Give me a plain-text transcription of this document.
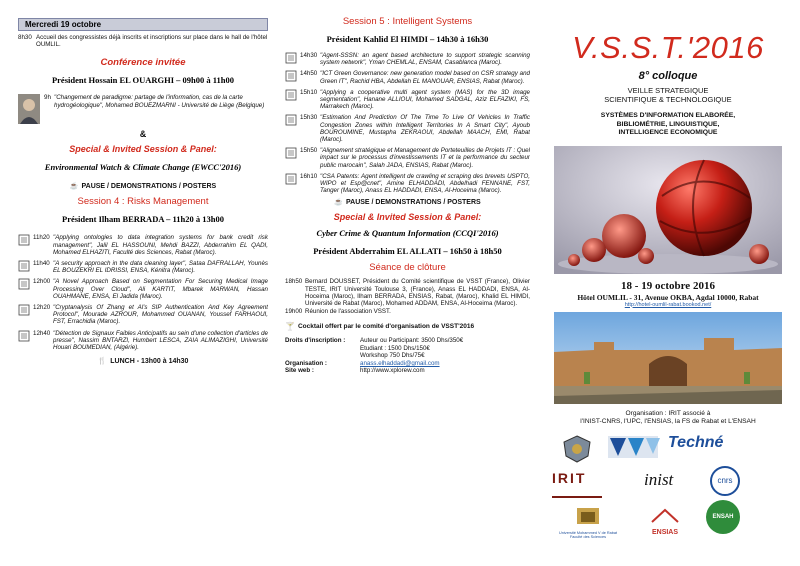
Mercredi 19 octobre
8h30 Accueil des congressistes déjà inscrits et inscriptions sur place dans le hall de l'hôtel OUMLIL.
Conférence invitée
Président Hossain EL OUARGHI – 09h00 à 11h00
9h "Changement de paradigme: partage de l'information, cas de la carte hydrogéologique", Mohamed BOUEZMARNI - Université de Liège (Belgique)
&
Special & Invited Session & Panel:
Environmental Watch & Climate Change (EWCC'2016)
☕ PAUSE / DEMONSTRATIONS / POSTERS
Session 4 : Risks Management
Président Ilham BERRADA – 11h20 à 13h00
11h20 "Applying ontologies to data integration systems for bank credit risk management", Jalil EL HASSOUNI, Mehdi BAZZI, Abderrahim EL QADI, Mohamed ELHAZITI, Faculté des Sciences, Rabat (Maroc).
11h40 "A security approach in the data cleaning layer", Sataa DAFRALLAH, Younès EL BOUZEKRI EL IDRISSI, ENSA, Kénitra (Maroc).
12h00 "A Novel Approach Based on Segmentation For Securing Medical Image Processing Over Cloud", Ali KARTIT, Mbarek MARWAN, Hassan OUAHMANE, ENSA, El Jadida (Maroc).
12h20 "Cryptanalysis Of Zhang et Al's SIP Authentication And Key Agreement Protocol", Mourade AZROUR, Mohammed OUANAN, Youssef FARHAOUI, FST, Errachidia (Maroc).
12h40 "Détection de Signaux Faibles Anticipatifs au sein d'une collection d'articles de presse", Nassim BNTARZI, Humbert LESCA, ZAIA ALIMAZIGHI, Université Houari BOUMEDIAN, (Algérie).
🍴 LUNCH - 13h00 à 14h30
Session 5 : Intelligent Systems
Président Kahlid El HIMDI – 14h30 à 16h30
14h30 "Agent-SSSN: an agent based architecture to support strategic scanning system network", Yman CHEMLAL, ENSAM, Casablanca (Maroc).
14h50 "ICT Green Governance: new generation model based on CSR strategy and Green IT", Rachid HBA, Abdellah EL MANOUAR, ENSIAS, Rabat (Maroc).
15h10 "Applying a cooperative multi agent system (MAS) for the 3D image segmentation", Hanane ALLIOUI, Mohamed SADGAL, Aziz ELFAZIKI, FS, Marrakech (Maroc).
15h30 "Estimation And Prediction Of The Time To Live Of Vehicles In Traffic Congestion Zones within Intelligent Territories In A Smart City", Ayoub BOUROUMINE, Mustapha ZEKRAOUI, Abdellah MAACH, EMI, Rabat (Maroc).
15h50 "Alignement stratégique et Management de Porteteuilles de Projets IT : Quel impact sur le processus d'investissements IT et la performance du secteur public marocain", Salah JADA, ENSIAS, Rabat (Maroc).
16h10 "CSA Patents: Agent intelligent de crawling et scraping des brevets USPTO, WIPO et Esp@cnet", Amine ELHADDADI, Abdelhadi FENNANE, FST, Tanger (Maroc), Anass EL HADDADI, ENSA, Al-Hoceima (Maroc).
☕ PAUSE / DEMONSTRATIONS / POSTERS
Special & Invited Session & Panel:
Cyber Crime & Quantum Information (CCQI'2016)
Président Abderrahim EL ALLATI – 16h50 à 18h50
Séance de clôture
18h50 Bernard DOUSSET, Président du Comité scientifique de VSST (France), Olivier TESTE, IRIT Université Toulouse 3, (France), Anass EL HADDADI, ENSA, Al-Hoceima (Maroc), Ilham BERRADA, ENSIAS, Rabat, (Maroc), Khalid EL HIMDI, Université de Rabat (Maroc), Mohamed ADDAM, ENSA, Al-Hoceima (Maroc).
19h00 Réunion de l'association VSST.
🍸 Cocktail offert par le comité d'organisation de VSST'2016
Droits d'inscription :	Auteur ou Participant: 3500 Dhs/350€
Etudiant : 1500 Dhs/150€
Workshop 750 Dhs/75€
Organisation :	anass.elhaddadi@gmail.com
Site web :	http://www.xplorew.com
V.S.S.T.'2016
8° colloque
VEILLE STRATEGIQUE
SCIENTIFIQUE & TECHNOLOGIQUE
SYSTÈMES D'INFORMATION ELABORÉE,
BIBLIOMÉTRIE, LINGUISTIQUE,
INTELLIGENCE ECONOMIQUE
18 - 19 octobre 2016
Hôtel OUMLIL - 31, Avenue OKBA, Agdal 10000, Rabat
http://hotel-oumlil-rabat.bookod.net/
Organisation : IRIT associé à
l'INIST-CNRS, l'UPC, l'ENSIAS, la FS de Rabat et L'ENSAH
Techné
IRIT	inist	cnrs
Université Mohammed V de Rabat
Faculté des Sciences
ENSIAS
ENSAH
